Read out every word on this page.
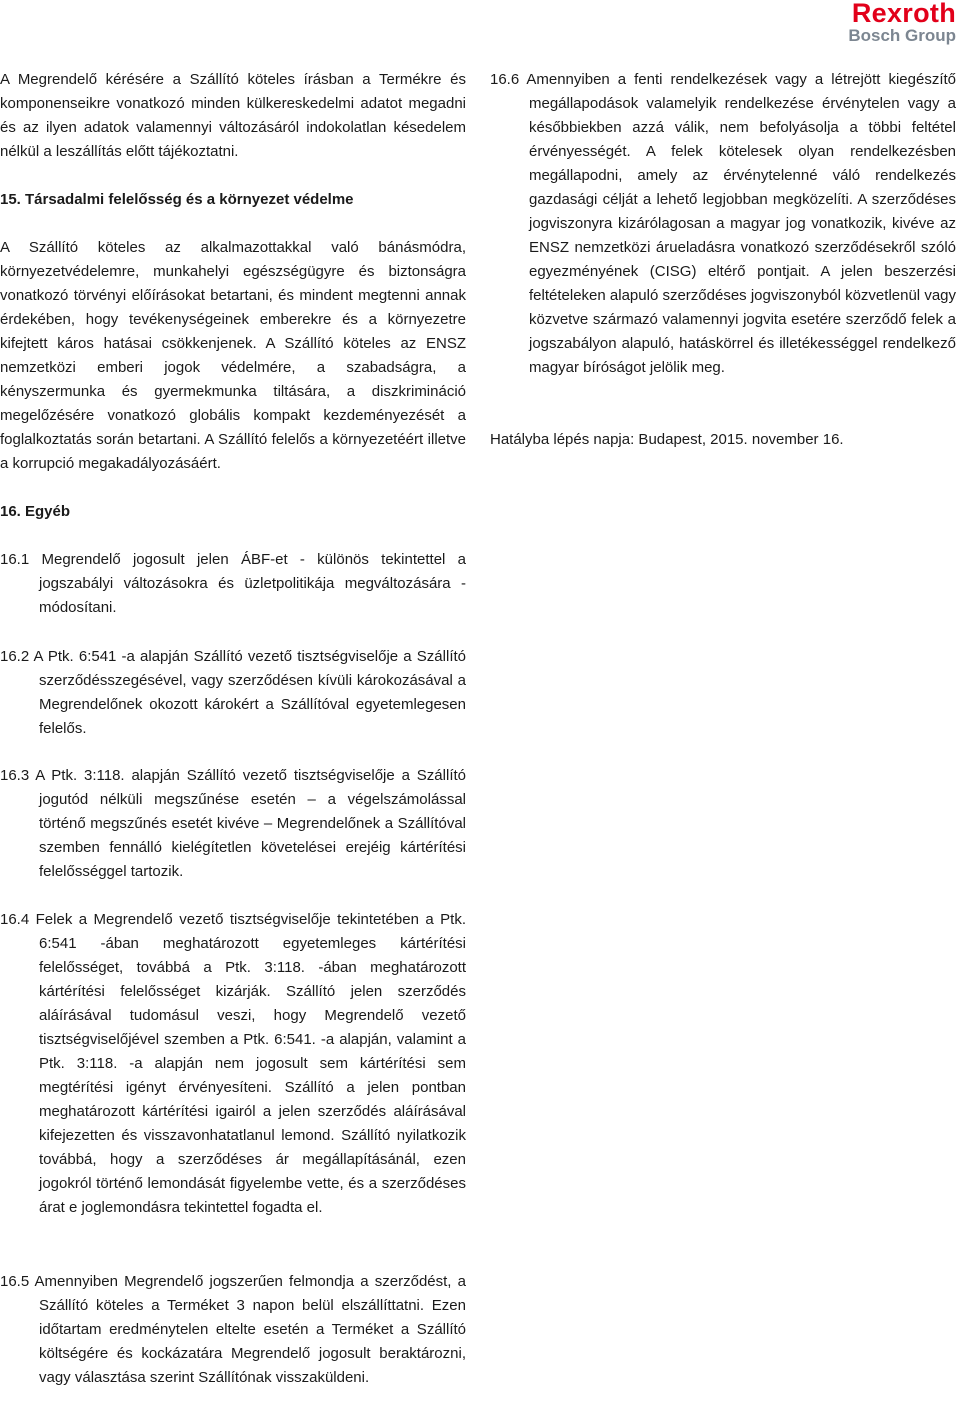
Rexroth
Bosch Group

A Megrendelő kérésére a Szállító köteles írásban a Termékre és komponenseikre vonatkozó minden külkereskedelmi adatot megadni és az ilyen adatok valamennyi változásáról indokolatlan késedelem nélkül a leszállítás előtt tájékoztatni.

15. Társadalmi felelősség és a környezet védelme

A Szállító köteles az alkalmazottakkal való bánásmódra, környezetvédelemre, munkahelyi egészségügyre és biztonságra vonatkozó törvényi előírásokat betartani, és mindent megtenni annak érdekében, hogy tevékenységeinek emberekre és a környezetre kifejtett káros hatásai csökkenjenek. A Szállító köteles az ENSZ nemzetközi emberi jogok védelmére, a szabadságra, a kényszermunka és gyermekmunka tiltására, a diszkrimináció megelőzésére vonatkozó globális kompakt kezdeményezését a foglalkoztatás során betartani. A Szállító felelős a környezetéért illetve a korrupció megakadályozásáért.

16. Egyéb

16.1 Megrendelő jogosult jelen ÁBF-et - különös tekintettel a jogszabályi változásokra és üzletpolitikája megváltozására - módosítani.

16.2 A Ptk. 6:541 -a alapján Szállító vezető tisztségviselője a Szállító szerződésszegésével, vagy szerződésen kívüli károkozásával a Megrendelőnek okozott károkért a Szállítóval egyetemlegesen felelős.

16.3 A Ptk. 3:118. alapján Szállító vezető tisztségviselője a Szállító jogutód nélküli megszűnése esetén – a végelszámolással történő megszűnés esetét kivéve – Megrendelőnek a Szállítóval szemben fennálló kielégítetlen követelései erejéig kártérítési felelősséggel tartozik.

16.4 Felek a Megrendelő vezető tisztségviselője tekintetében a Ptk. 6:541 -ában meghatározott egyetemleges kártérítési felelősséget, továbbá a Ptk. 3:118. -ában meghatározott kártérítési felelősséget kizárják. Szállító jelen szerződés aláírásával tudomásul veszi, hogy Megrendelő vezető tisztségviselőjével szemben a Ptk. 6:541. -a alapján, valamint a Ptk. 3:118. -a alapján nem jogosult sem kártérítési sem megtérítési igényt érvényesíteni. Szállító a jelen pontban meghatározott kártérítési igairól a jelen szerződés aláírásával kifejezetten és visszavonhatatlanul lemond. Szállító nyilatkozik továbbá, hogy a szerződéses ár megállapításánál, ezen jogokról történő lemondását figyelembe vette, és a szerződéses árat e joglemondásra tekintettel fogadta el.

16.5 Amennyiben Megrendelő jogszerűen felmondja a szerződést, a Szállító köteles a Terméket 3 napon belül elszállíttatni. Ezen időtartam eredménytelen eltelte esetén a Terméket a Szállító költségére és kockázatára Megrendelő jogosult beraktározni, vagy választása szerint Szállítónak visszaküldeni.

16.6 Amennyiben a fenti rendelkezések vagy a létrejött kiegészítő megállapodások valamelyik rendelkezése érvénytelen vagy a későbbiekben azzá válik, nem befolyásolja a többi feltétel érvényességét. A felek kötelesek olyan rendelkezésben megállapodni, amely az érvénytelenné váló rendelkezés gazdasági célját a lehető legjobban megközelíti. A szerződéses jogviszonyra kizárólagosan a magyar jog vonatkozik, kivéve az ENSZ nemzetközi árueladásra vonatkozó szerződésekről szóló egyezményének (CISG) eltérő pontjait. A jelen beszerzési feltételeken alapuló szerződéses jogviszonyból közvetlenül vagy közvetve származó valamennyi jogvita esetére szerződő felek a jogszabályon alapuló, hatáskörrel és illetékességgel rendelkező magyar bíróságot jelölik meg.

Hatályba lépés napja: Budapest, 2015. november 16.
